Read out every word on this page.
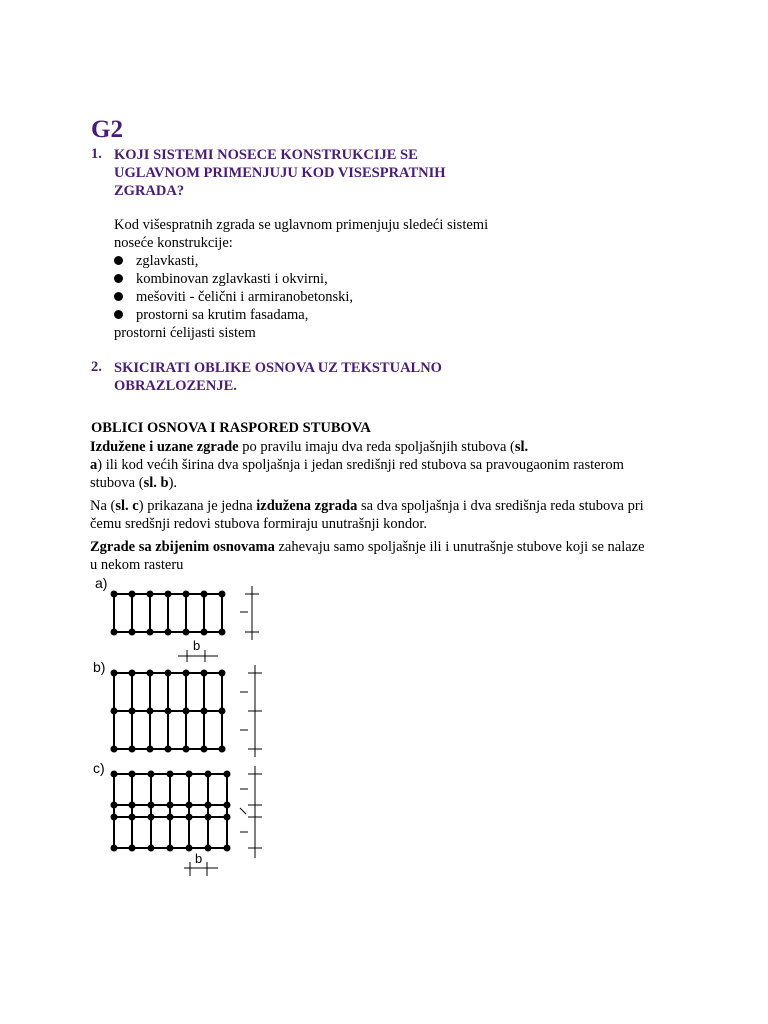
G2
1. KOJI SISTEMI NOSECE KONSTRUKCIJE SE
UGLAVNOM PRIMENJUJU KOD VISESPRATNIH
ZGRADA?
Kod višespratnih zgrada se uglavnom primenjuju sledeći sistemi
noseće konstrukcije:
zglavkasti,
kombinovan zglavkasti i okvirni,
mešoviti - čelični i armiranobetonski,
prostorni sa krutim fasadama,
prostorni ćelijasti sistem
2. SKICIRATI OBLIKE OSNOVA UZ TEKSTUALNO
OBRAZLOZENJE.
OBLICI OSNOVA I RASPORED STUBOVA

Izdužene i uzane zgrade po pravilu imaju dva reda spoljašnjih stubova (sl.
a) ili kod većih širina dva spoljašnja i jedan središnji red stubova sa pravougaonim rasterom
stubova (sl. b).

Na (sl. c) prikazana je jedna izdužena zgrada sa dva spoljašnja i dva središnja reda stubova pri
čemu sredšnji redovi stubova formiraju unutrašnji kondor.

Zgrade sa zbijenim osnovama zahevaju samo spoljašnje ili i unutrašnje stubove koji se nalaze
u nekom rasteru

a)
b
b)
c)
b
